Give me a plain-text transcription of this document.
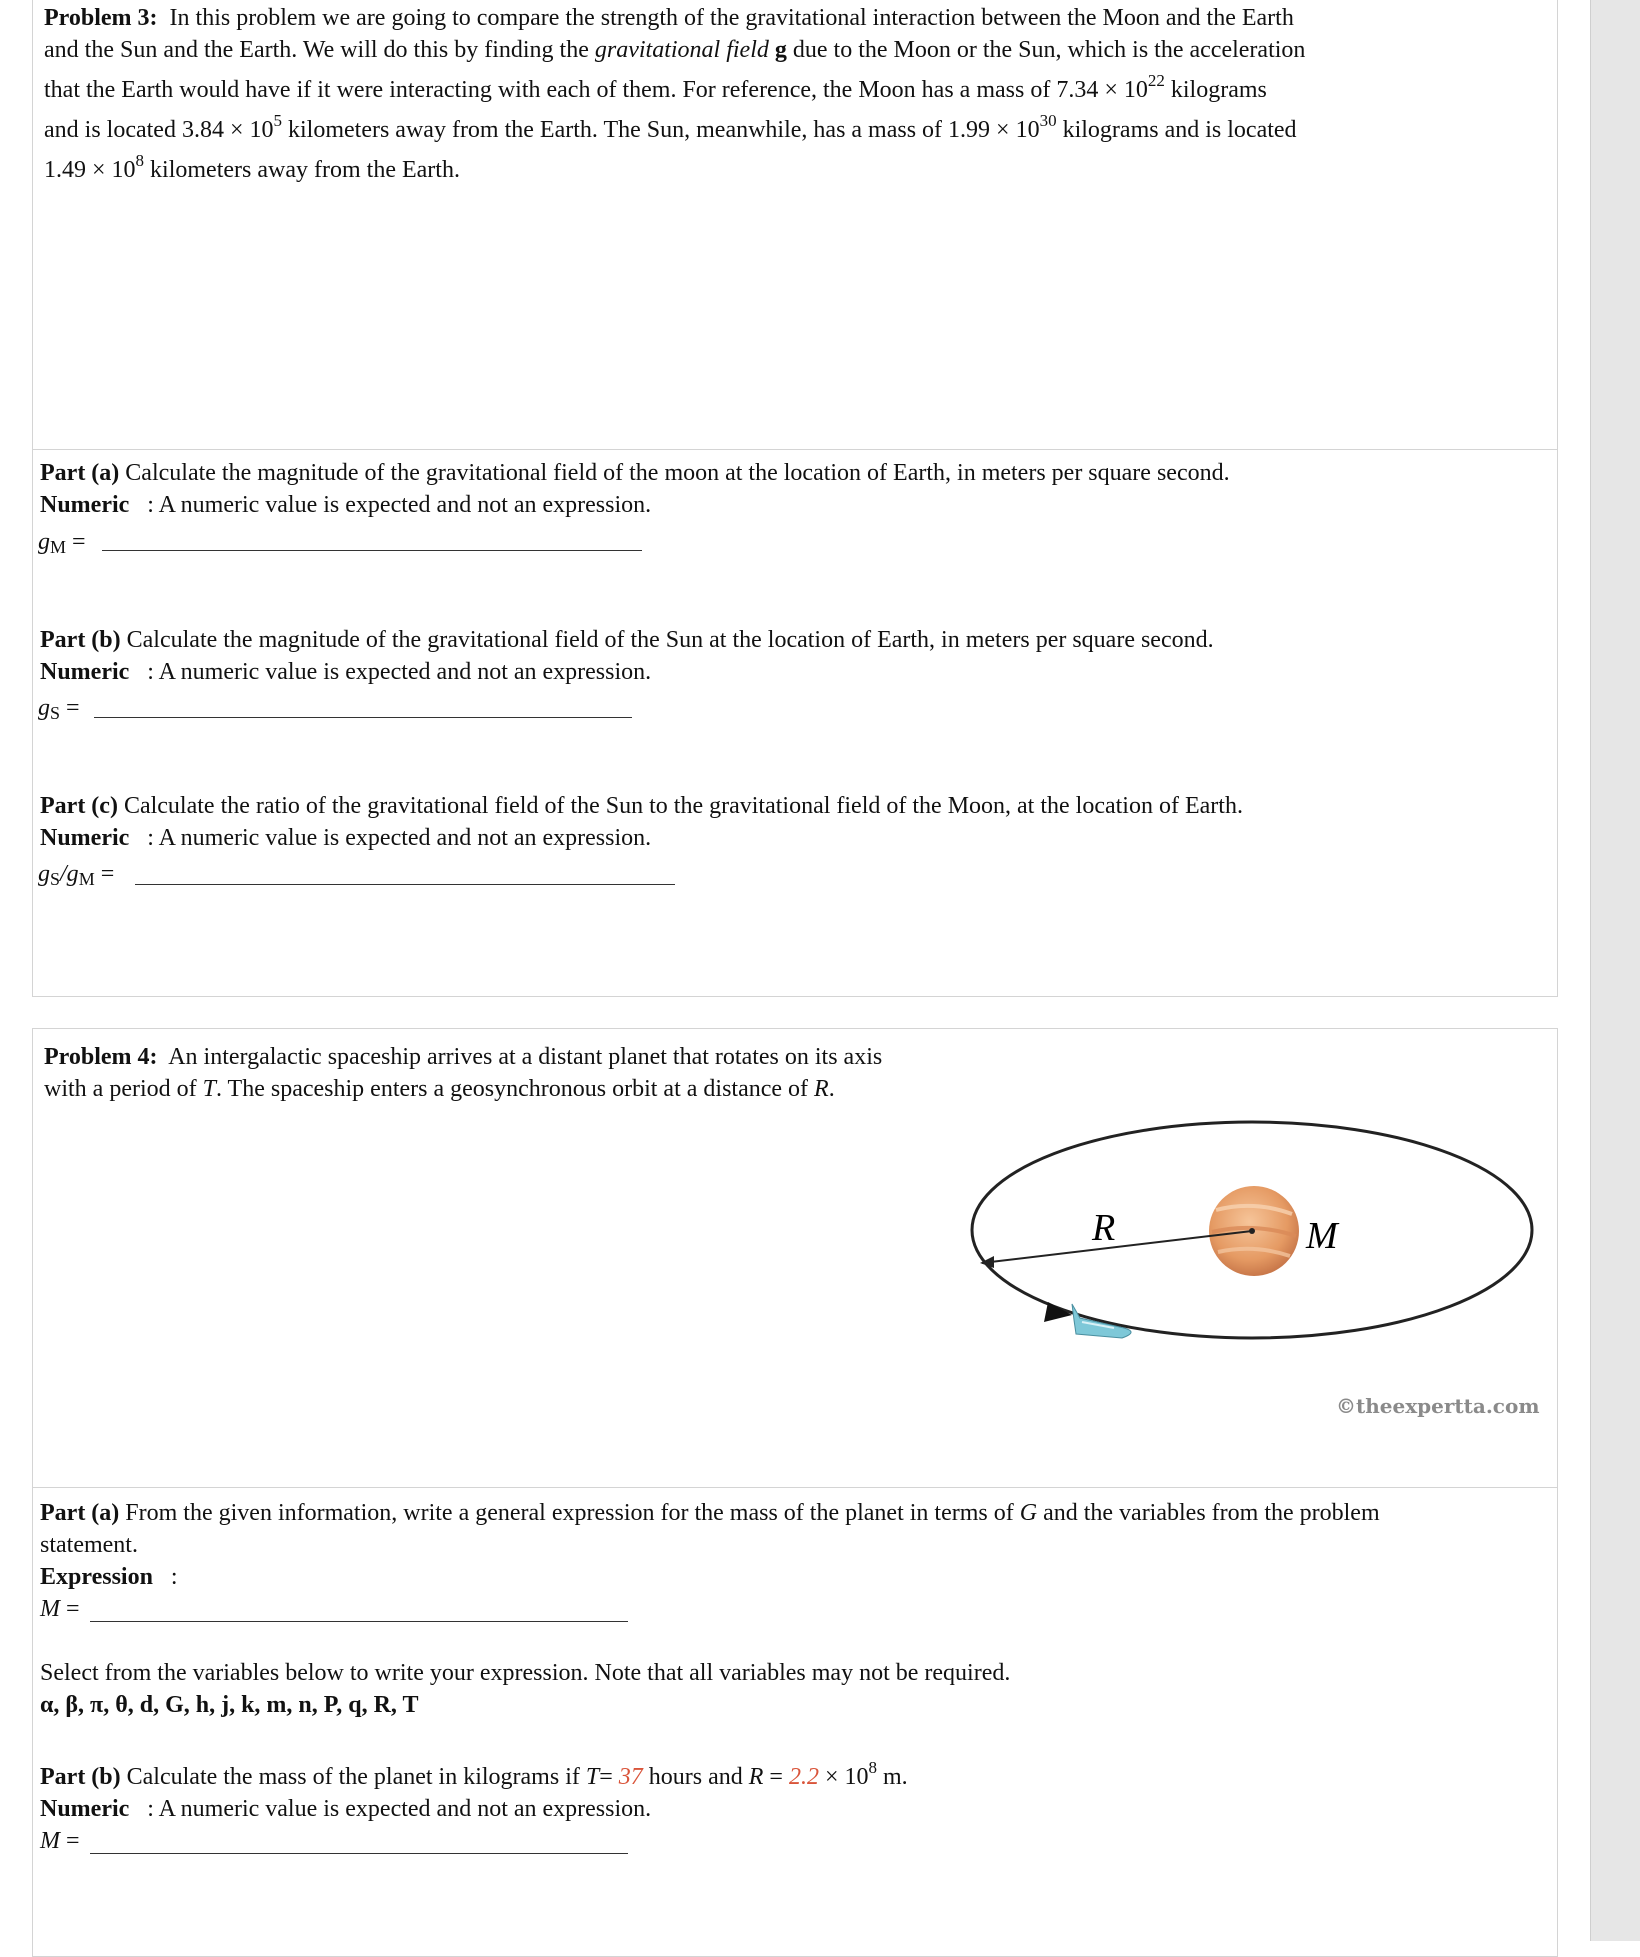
Problem 3: In this problem we are going to compare the strength of the gravitational interaction between the Moon and the Earth

and the Sun and the Earth. We will do this by finding the gravitational field g due to the Moon or the Sun, which is the acceleration

that the Earth would have if it were interacting with each of them. For reference, the Moon has a mass of $7.34 \times 10^{22}$ kilograms

and is located $3.84 \times 10^5$ kilometers away from the Earth. The Sun, meanwhile, has a mass of $1.99 \times 10^{30}$ kilograms and is located

$1.49 \times 10^8$ kilometers away from the Earth.

Part (a) Calculate the magnitude of the gravitational field of the moon at the location of Earth, in meters per square second.

Numeric : A numeric value is expected and not an expression.

$g_M$ =

Part (b) Calculate the magnitude of the gravitational field of the Sun at the location of Earth, in meters per square second.

Numeric : A numeric value is expected and not an expression.

$g_S$ =

Part (c) Calculate the ratio of the gravitational field of the Sun to the gravitational field of the Moon, at the location of Earth.

Numeric : A numeric value is expected and not an expression.

$g_S/g_M$ =

Problem 4: An intergalactic spaceship arrives at a distant planet that rotates on its axis

with a period of T. The spaceship enters a geosynchronous orbit at a distance of R.

R	M
©theexpertta.com

Part (a) From the given information, write a general expression for the mass of the planet in terms of G and the variables from the problem

statement.

Expression :

M =

Select from the variables below to write your expression. Note that all variables may not be required.

α, β, π, θ, d, G, h, j, k, m, n, P, q, R, T

Part (b) Calculate the mass of the planet in kilograms if T= 37 hours and $R = 2.2 \times 10^8$ m.

Numeric : A numeric value is expected and not an expression.

M =
